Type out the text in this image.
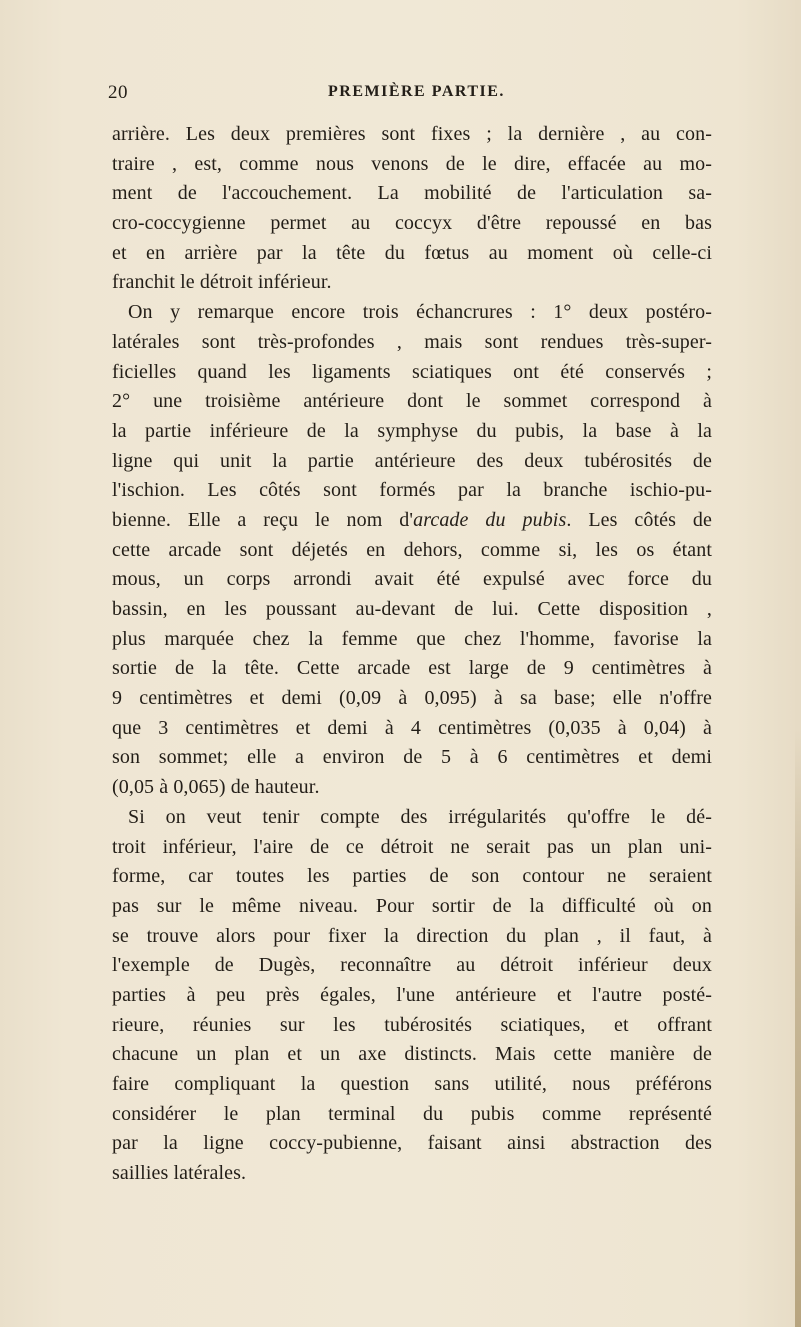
20	PREMIÈRE PARTIE.
arrière. Les deux premières sont fixes ; la dernière , au con-
traire , est, comme nous venons de le dire, effacée au mo-
ment de l'accouchement. La mobilité de l'articulation sa-
cro-coccygienne permet au coccyx d'être repoussé en bas
et en arrière par la tête du fœtus au moment où celle-ci
franchit le détroit inférieur.
On y remarque encore trois échancrures : 1° deux postéro-
latérales sont très-profondes , mais sont rendues très-super-
ficielles quand les ligaments sciatiques ont été conservés ;
2° une troisième antérieure dont le sommet correspond à
la partie inférieure de la symphyse du pubis, la base à la
ligne qui unit la partie antérieure des deux tubérosités de
l'ischion. Les côtés sont formés par la branche ischio-pu-
bienne. Elle a reçu le nom d'arcade du pubis. Les côtés de
cette arcade sont déjetés en dehors, comme si, les os étant
mous, un corps arrondi avait été expulsé avec force du
bassin, en les poussant au-devant de lui. Cette disposition ,
plus marquée chez la femme que chez l'homme, favorise la
sortie de la tête. Cette arcade est large de 9 centimètres à
9 centimètres et demi (0,09 à 0,095) à sa base; elle n'offre
que 3 centimètres et demi à 4 centimètres (0,035 à 0,04) à
son sommet; elle a environ de 5 à 6 centimètres et demi
(0,05 à 0,065) de hauteur.
Si on veut tenir compte des irrégularités qu'offre le dé-
troit inférieur, l'aire de ce détroit ne serait pas un plan uni-
forme, car toutes les parties de son contour ne seraient
pas sur le même niveau. Pour sortir de la difficulté où on
se trouve alors pour fixer la direction du plan , il faut, à
l'exemple de Dugès, reconnaître au détroit inférieur deux
parties à peu près égales, l'une antérieure et l'autre posté-
rieure, réunies sur les tubérosités sciatiques, et offrant
chacune un plan et un axe distincts. Mais cette manière de
faire compliquant la question sans utilité, nous préférons
considérer le plan terminal du pubis comme représenté
par la ligne coccy-pubienne, faisant ainsi abstraction des
saillies latérales.
